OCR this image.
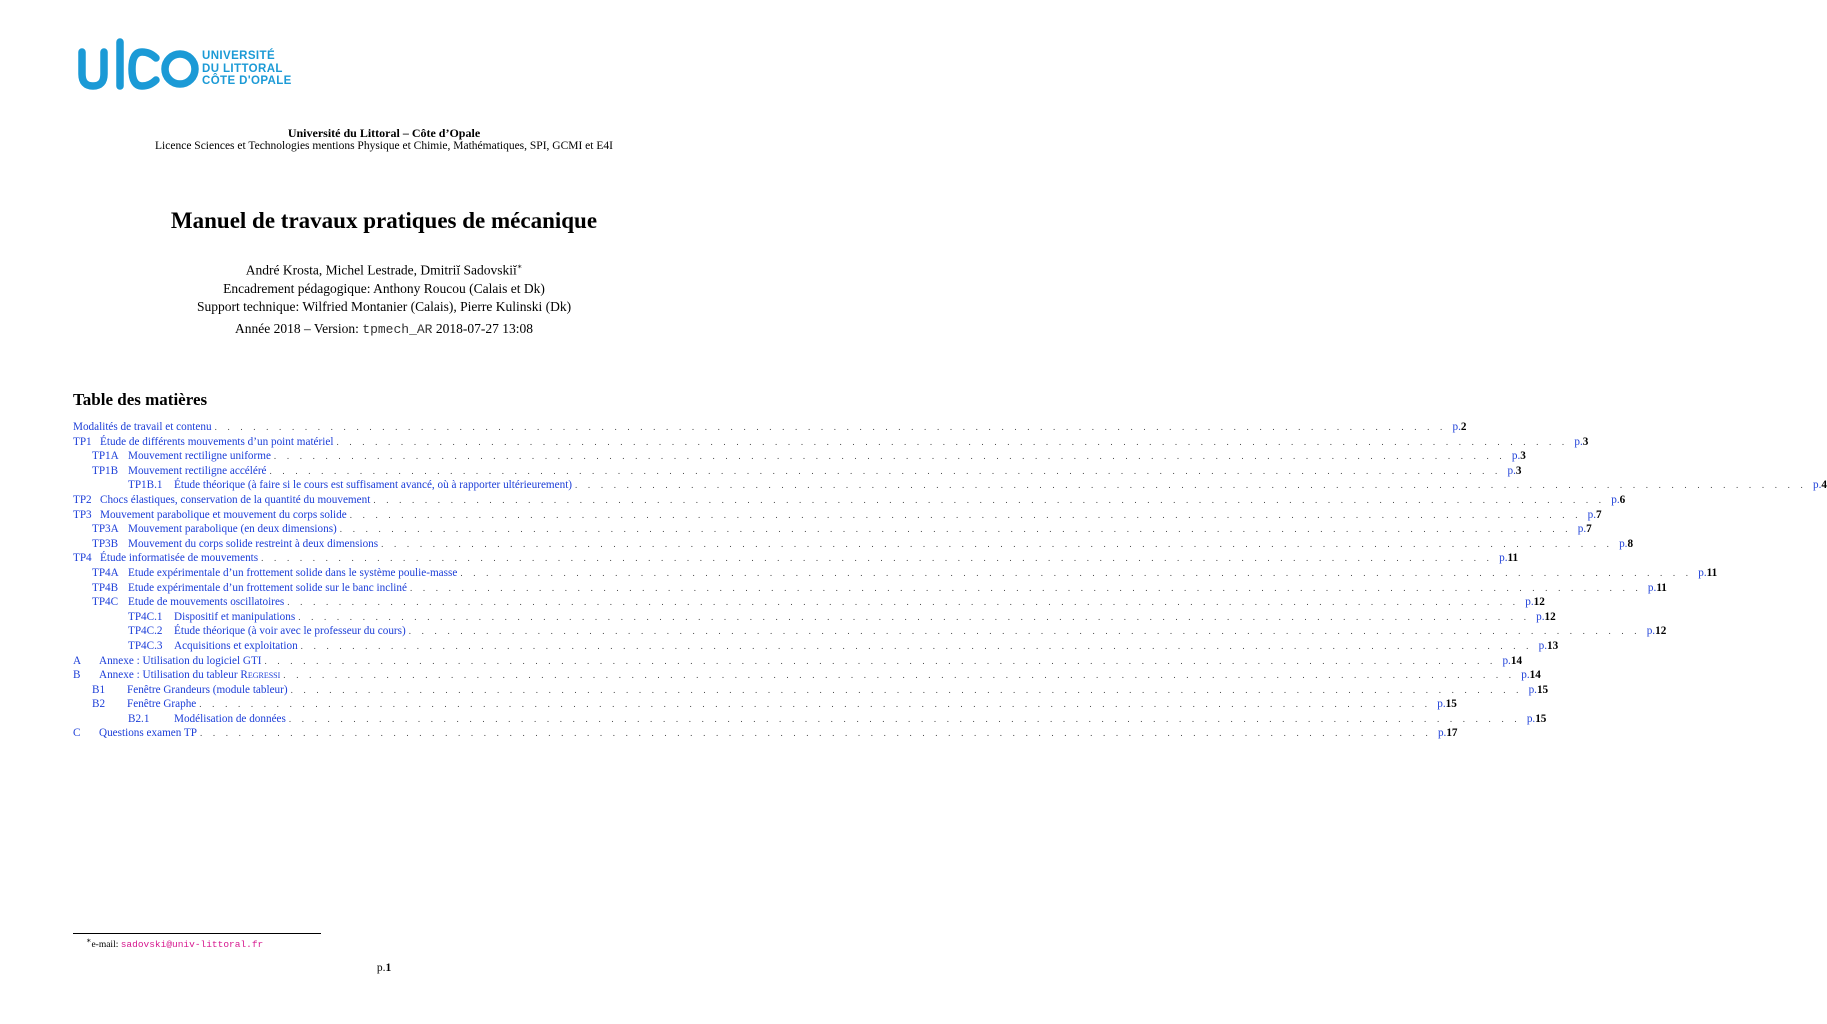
UNIVERSITÉ
DU LITTORAL
CÔTE D'OPALE
Université du Littoral – Côte d’Opale
Licence Sciences et Technologies mentions Physique et Chimie, Mathématiques, SPI, GCMI et E4I
Manuel de travaux pratiques de mécanique
André Krosta, Michel Lestrade, Dmitriĭ Sadovskiĭ∗
Encadrement pédagogique: Anthony Roucou (Calais et Dk)
Support technique: Wilfried Montanier (Calais), Pierre Kulinski (Dk)
Année 2018 – Version: tpmech_AR 2018-07-27 13:08
Table des matières
Modalités de travail et contenu . . . . . . . . . . . . . . . . . . . . . . . . . . . . . . . . . . . . . . . . . . . . . . . . . . . . . . . . . . . . . . . . . . . . . . . . . . . . . . . . . . . . . . . . . . . . . . . . p.2
TP1 Étude de différents mouvements d’un point matériel . . . . . . . . . . . . . . . . . . . . . . . . . . . . . . . . . . . . . . . . . . . . . . . . . . . . . . . . . . . . . . . . . . . . . . . . . . . . . . . . . . . . . . . . . . . . . . . . p.3
TP1A Mouvement rectiligne uniforme . . . . . . . . . . . . . . . . . . . . . . . . . . . . . . . . . . . . . . . . . . . . . . . . . . . . . . . . . . . . . . . . . . . . . . . . . . . . . . . . . . . . . . . . . . . . . . . . p.3
TP1B Mouvement rectiligne accéléré . . . . . . . . . . . . . . . . . . . . . . . . . . . . . . . . . . . . . . . . . . . . . . . . . . . . . . . . . . . . . . . . . . . . . . . . . . . . . . . . . . . . . . . . . . . . . . . . p.3
TP1B.1 Étude théorique (à faire si le cours est suffisament avancé, où à rapporter ultérieurement) . . . . . . . . . . . . . . . . . . . . . . . . . . . . . . . . . . . . . . . . . . . . . . . . . . . . . . . . . . . . . . . . . . . . . . . . . . . . . . . . . . . . . . . . . . . . . . . . p.4
TP2 Chocs élastiques, conservation de la quantité du mouvement . . . . . . . . . . . . . . . . . . . . . . . . . . . . . . . . . . . . . . . . . . . . . . . . . . . . . . . . . . . . . . . . . . . . . . . . . . . . . . . . . . . . . . . . . . . . . . . . p.6
TP3 Mouvement parabolique et mouvement du corps solide . . . . . . . . . . . . . . . . . . . . . . . . . . . . . . . . . . . . . . . . . . . . . . . . . . . . . . . . . . . . . . . . . . . . . . . . . . . . . . . . . . . . . . . . . . . . . . . . p.7
TP3A Mouvement parabolique (en deux dimensions) . . . . . . . . . . . . . . . . . . . . . . . . . . . . . . . . . . . . . . . . . . . . . . . . . . . . . . . . . . . . . . . . . . . . . . . . . . . . . . . . . . . . . . . . . . . . . . . . p.7
TP3B Mouvement du corps solide restreint à deux dimensions . . . . . . . . . . . . . . . . . . . . . . . . . . . . . . . . . . . . . . . . . . . . . . . . . . . . . . . . . . . . . . . . . . . . . . . . . . . . . . . . . . . . . . . . . . . . . . . . p.8
TP4 Étude informatisée de mouvements . . . . . . . . . . . . . . . . . . . . . . . . . . . . . . . . . . . . . . . . . . . . . . . . . . . . . . . . . . . . . . . . . . . . . . . . . . . . . . . . . . . . . . . . . . . . . . . . p.11
TP4A Etude expérimentale d’un frottement solide dans le système poulie-masse . . . . . . . . . . . . . . . . . . . . . . . . . . . . . . . . . . . . . . . . . . . . . . . . . . . . . . . . . . . . . . . . . . . . . . . . . . . . . . . . . . . . . . . . . . . . . . . . p.11
TP4B Etude expérimentale d’un frottement solide sur le banc incliné . . . . . . . . . . . . . . . . . . . . . . . . . . . . . . . . . . . . . . . . . . . . . . . . . . . . . . . . . . . . . . . . . . . . . . . . . . . . . . . . . . . . . . . . . . . . . . . . p.11
TP4C Etude de mouvements oscillatoires . . . . . . . . . . . . . . . . . . . . . . . . . . . . . . . . . . . . . . . . . . . . . . . . . . . . . . . . . . . . . . . . . . . . . . . . . . . . . . . . . . . . . . . . . . . . . . . . p.12
TP4C.1 Dispositif et manipulations . . . . . . . . . . . . . . . . . . . . . . . . . . . . . . . . . . . . . . . . . . . . . . . . . . . . . . . . . . . . . . . . . . . . . . . . . . . . . . . . . . . . . . . . . . . . . . . . p.12
TP4C.2 Étude théorique (à voir avec le professeur du cours) . . . . . . . . . . . . . . . . . . . . . . . . . . . . . . . . . . . . . . . . . . . . . . . . . . . . . . . . . . . . . . . . . . . . . . . . . . . . . . . . . . . . . . . . . . . . . . . . p.12
TP4C.3 Acquisitions et exploitation . . . . . . . . . . . . . . . . . . . . . . . . . . . . . . . . . . . . . . . . . . . . . . . . . . . . . . . . . . . . . . . . . . . . . . . . . . . . . . . . . . . . . . . . . . . . . . . . p.13
A Annexe : Utilisation du logiciel GTI . . . . . . . . . . . . . . . . . . . . . . . . . . . . . . . . . . . . . . . . . . . . . . . . . . . . . . . . . . . . . . . . . . . . . . . . . . . . . . . . . . . . . . . . . . . . . . . . p.14
B Annexe : Utilisation du tableur Regressi . . . . . . . . . . . . . . . . . . . . . . . . . . . . . . . . . . . . . . . . . . . . . . . . . . . . . . . . . . . . . . . . . . . . . . . . . . . . . . . . . . . . . . . . . . . . . . . . p.14
B1 Fenêtre Grandeurs (module tableur) . . . . . . . . . . . . . . . . . . . . . . . . . . . . . . . . . . . . . . . . . . . . . . . . . . . . . . . . . . . . . . . . . . . . . . . . . . . . . . . . . . . . . . . . . . . . . . . . p.15
B2 Fenêtre Graphe . . . . . . . . . . . . . . . . . . . . . . . . . . . . . . . . . . . . . . . . . . . . . . . . . . . . . . . . . . . . . . . . . . . . . . . . . . . . . . . . . . . . . . . . . . . . . . . . p.15
B2.1 Modélisation de données . . . . . . . . . . . . . . . . . . . . . . . . . . . . . . . . . . . . . . . . . . . . . . . . . . . . . . . . . . . . . . . . . . . . . . . . . . . . . . . . . . . . . . . . . . . . . . . . p.15
C Questions examen TP . . . . . . . . . . . . . . . . . . . . . . . . . . . . . . . . . . . . . . . . . . . . . . . . . . . . . . . . . . . . . . . . . . . . . . . . . . . . . . . . . . . . . . . . . . . . . . . . p.17
∗e-mail: sadovski@univ-littoral.fr
p.1
